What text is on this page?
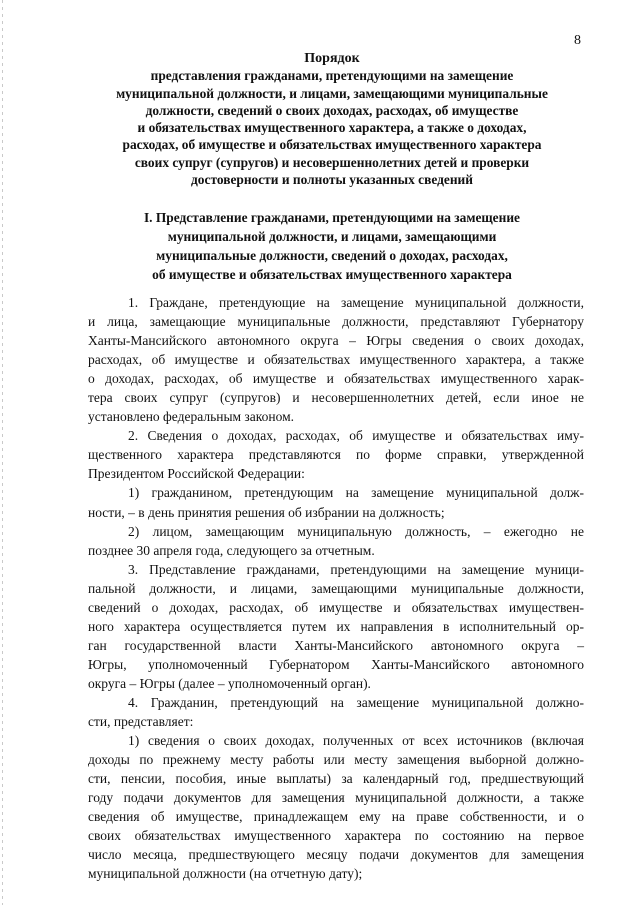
8
Порядок
представления гражданами, претендующими на замещение
муниципальной должности, и лицами, замещающими муниципальные
должности, сведений о своих доходах, расходах, об имуществе
и обязательствах имущественного характера, а также о доходах,
расходах, об имуществе и обязательствах имущественного характера
своих супруг (супругов) и несовершеннолетних детей и проверки
достоверности и полноты указанных сведений
I. Представление гражданами, претендующими на замещение
муниципальной должности, и лицами, замещающими
муниципальные должности, сведений о доходах, расходах,
об имуществе и обязательствах имущественного характера
1. Граждане, претендующие на замещение муниципальной должности,
и лица, замещающие муниципальные должности, представляют Губернатору
Ханты-Мансийского автономного округа – Югры сведения о своих доходах,
расходах, об имуществе и обязательствах имущественного характера, а также
о доходах, расходах, об имуществе и обязательствах имущественного харак-
тера своих супруг (супругов) и несовершеннолетних детей, если иное не
установлено федеральным законом.
2. Сведения о доходах, расходах, об имуществе и обязательствах иму-
щественного характера представляются по форме справки, утвержденной
Президентом Российской Федерации:
1) гражданином, претендующим на замещение муниципальной долж-
ности, – в день принятия решения об избрании на должность;
2) лицом, замещающим муниципальную должность, – ежегодно не
позднее 30 апреля года, следующего за отчетным.
3. Представление гражданами, претендующими на замещение муници-
пальной должности, и лицами, замещающими муниципальные должности,
сведений о доходах, расходах, об имуществе и обязательствах имуществен-
ного характера осуществляется путем их направления в исполнительный ор-
ган государственной власти Ханты-Мансийского автономного округа –
Югры, уполномоченный Губернатором Ханты-Мансийского автономного
округа – Югры (далее – уполномоченный орган).
4. Гражданин, претендующий на замещение муниципальной должно-
сти, представляет:
1) сведения о своих доходах, полученных от всех источников (включая
доходы по прежнему месту работы или месту замещения выборной должно-
сти, пенсии, пособия, иные выплаты) за календарный год, предшествующий
году подачи документов для замещения муниципальной должности, а также
сведения об имуществе, принадлежащем ему на праве собственности, и о
своих обязательствах имущественного характера по состоянию на первое
число месяца, предшествующего месяцу подачи документов для замещения
муниципальной должности (на отчетную дату);
